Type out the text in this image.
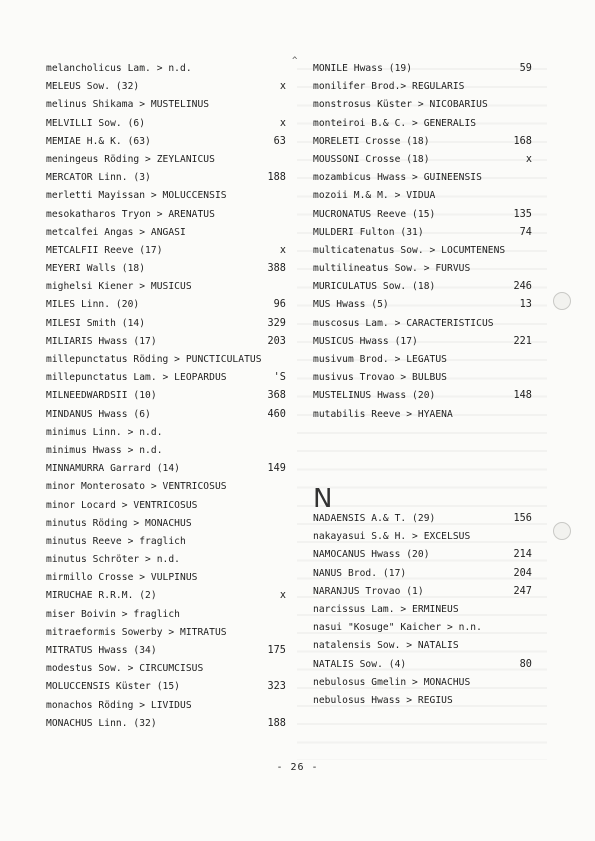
melancholicus Lam. > n.d.
MELEUS Sow. (32)	x
melinus Shikama > MUSTELINUS
MELVILLI Sow. (6)	x
MEMIAE H.& K. (63)	63
meningeus Röding > ZEYLANICUS
MERCATOR Linn. (3)	188
merletti Mayissan > MOLUCCENSIS
mesokatharos Tryon > ARENATUS
metcalfei Angas > ANGASI
METCALFII Reeve (17)	x
MEYERI Walls (18)	388
mighelsi Kiener > MUSICUS
MILES Linn. (20)	96
MILESI Smith (14)	329
MILIARIS Hwass (17)	203
millepunctatus Röding > PUNCTICULATUS
millepunctatus Lam. > LEOPARDUS	'S
MILNEEDWARDSII (10)	368
MINDANUS Hwass (6)	460
minimus Linn. > n.d.
minimus Hwass > n.d.
MINNAMURRA Garrard (14)	149
minor Monterosato > VENTRICOSUS
minor Locard > VENTRICOSUS
minutus Röding > MONACHUS
minutus Reeve > fraglich
minutus Schröter > n.d.
mirmillo Crosse > VULPINUS
MIRUCHAE R.R.M. (2)	x
miser Boivin > fraglich
mitraeformis Sowerby > MITRATUS
MITRATUS Hwass (34)	175
modestus Sow. > CIRCUMCISUS
MOLUCCENSIS Küster (15)	323
monachos Röding > LIVIDUS
MONACHUS Linn. (32)	188
MONILE Hwass (19)	59
monilifer Brod.> REGULARIS
monstrosus Küster > NICOBARIUS
monteiroi B.& C. > GENERALIS
MORELETI Crosse (18)	168
MOUSSONI Crosse (18)	x
mozambicus Hwass > GUINEENSIS
mozoii M.& M. > VIDUA
MUCRONATUS Reeve (15)	135
MULDERI Fulton (31)	74
multicatenatus Sow. > LOCUMTENENS
multilineatus Sow. > FURVUS
MURICULATUS Sow. (18)	246
MUS Hwass (5)	13
muscosus Lam. > CARACTERISTICUS
MUSICUS Hwass (17)	221
musivum Brod. > LEGATUS
musivus Trovao > BULBUS
MUSTELINUS Hwass (20)	148
mutabilis Reeve > HYAENA
N
NADAENSIS A.& T. (29)	156
nakayasui S.& H. > EXCELSUS
NAMOCANUS Hwass (20)	214
NANUS Brod. (17)	204
NARANJUS Trovao (1)	247
narcissus Lam. > ERMINEUS
nasui "Kosuge" Kaicher > n.n.
natalensis Sow. > NATALIS
NATALIS Sow. (4)	80
nebulosus Gmelin > MONACHUS
nebulosus Hwass > REGIUS
^
- 26 -
